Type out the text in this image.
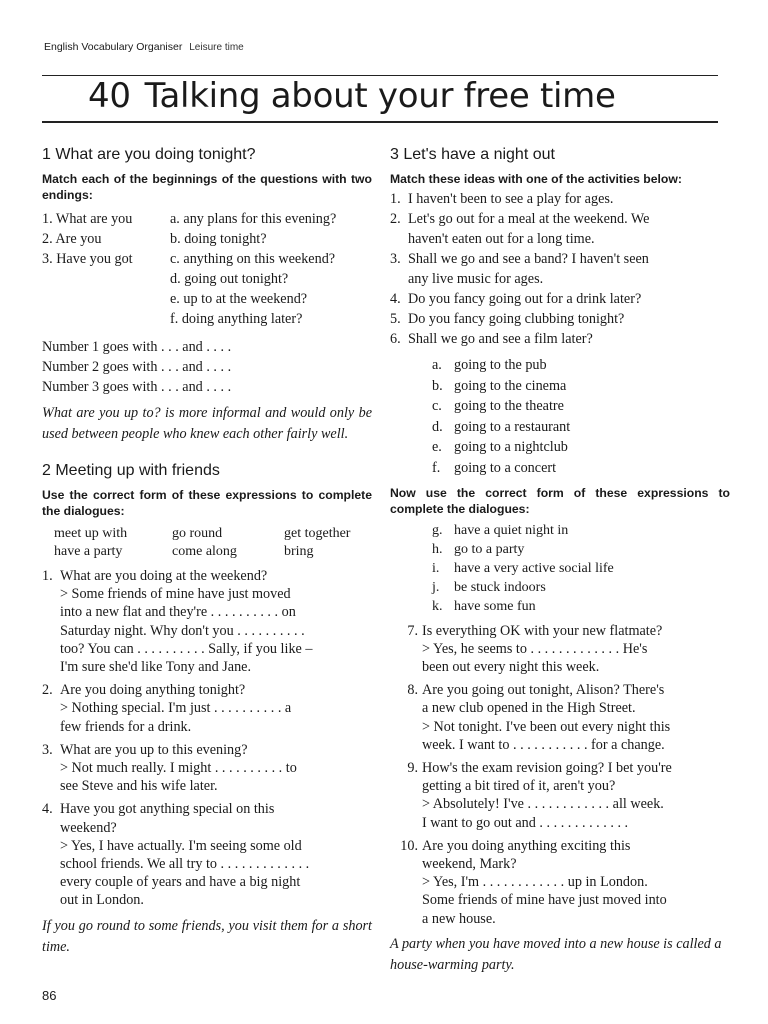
English Vocabulary Organiser Leisure time
40 Talking about your free time
1 What are you doing tonight?

Match each of the beginnings of the questions with two endings:

1. What are you	a. any plans for this evening?
2. Are you	b. doing tonight?
3. Have you got	c. anything on this weekend?
d. going out tonight?
e. up to at the weekend?
f. doing anything later?
Number 1 goes with . . . and . . . .
Number 2 goes with . . . and . . . .
Number 3 goes with . . . and . . . .

What are you up to? is more informal and would only be used between people who knew each other fairly well.

2 Meeting up with friends

Use the correct form of these expressions to complete the dialogues:

meet up with	go round	get together
have a party	come along	bring
1. What are you doing at the weekend?

> Some friends of mine have just moved

into a new flat and they're . . . . . . . . . . on

Saturday night. Why don't you . . . . . . . . . .

too? You can . . . . . . . . . . Sally, if you like –

I'm sure she'd like Tony and Jane.

2. Are you doing anything tonight?

> Nothing special. I'm just . . . . . . . . . . a

few friends for a drink.

3. What are you up to this evening?

> Not much really. I might . . . . . . . . . . to

see Steve and his wife later.

4. Have you got anything special on this

weekend?

> Yes, I have actually. I'm seeing some old

school friends. We all try to . . . . . . . . . . . . .

every couple of years and have a big night

out in London.

If you go round to some friends, you visit them for a short time.

3 Let's have a night out

Match these ideas with one of the activities below:

1. I haven't been to see a play for ages.
2. Let's go out for a meal at the weekend. We
haven't eaten out for a long time.
3. Shall we go and see a band? I haven't seen
any live music for ages.
4. Do you fancy going out for a drink later?
5. Do you fancy going clubbing tonight?
6. Shall we go and see a film later?
a. going to the pub
b. going to the cinema
c. going to the theatre
d. going to a restaurant
e. going to a nightclub
f. going to a concert

Now use the correct form of these expressions to complete the dialogues:

g. have a quiet night in
h. go to a party
i. have a very active social life
j. be stuck indoors
k. have some fun
7. Is everything OK with your new flatmate?

> Yes, he seems to . . . . . . . . . . . . . He's

been out every night this week.

8. Are you going out tonight, Alison? There's

a new club opened in the High Street.

> Not tonight. I've been out every night this

week. I want to . . . . . . . . . . . for a change.

9. How's the exam revision going? I bet you're

getting a bit tired of it, aren't you?

> Absolutely! I've . . . . . . . . . . . . all week.

I want to go out and . . . . . . . . . . . . .

10. Are you doing anything exciting this

weekend, Mark?

> Yes, I'm . . . . . . . . . . . . up in London.

Some friends of mine have just moved into

a new house.

A party when you have moved into a new house is called a house-warming party.

86
